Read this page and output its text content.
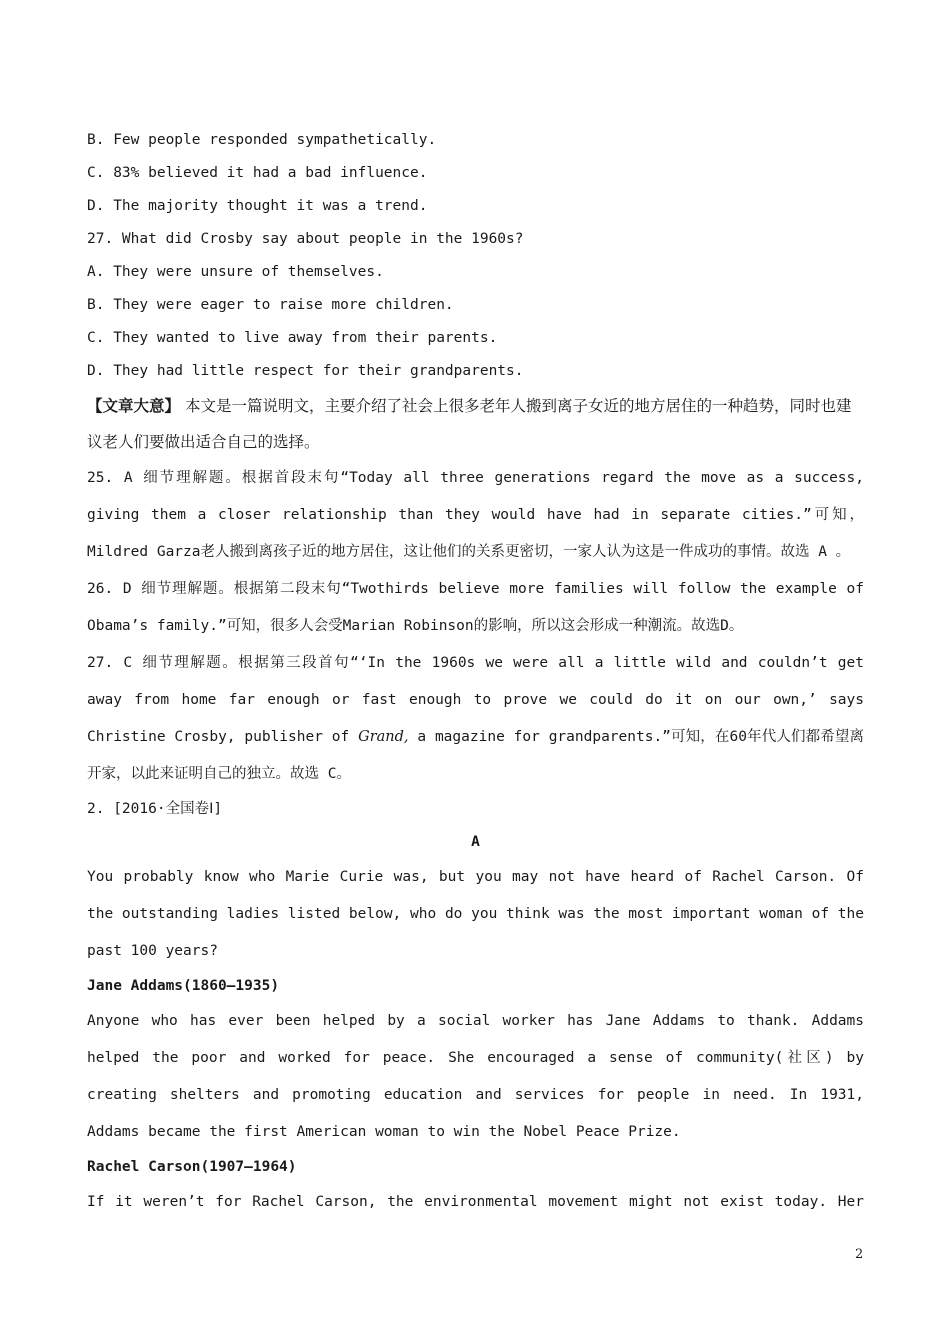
B. Few people responded sympathetically.

C. 83% believed it had a bad influence.

D. The majority thought it was a trend.

27. What did Crosby say about people in the 1960s?

A. They were unsure of themselves.

B. They were eager to raise more children.

C. They wanted to live away from their parents.

D. They had little respect for their grandparents.

【文章大意】 本文是一篇说明文，主要介绍了社会上很多老年人搬到离子女近的地方居住的一种趋势，同时也建议老人们要做出适合自己的选择。

25. A 细节理解题。根据首段末句“Today all three generations regard the move as a success, giving them a closer relationship than they would have had in separate cities.”可知，Mildred Garza老人搬到离孩子近的地方居住，这让他们的关系更密切，一家人认为这是一件成功的事情。故选 A 。

26. D 细节理解题。根据第二段末句“Twothirds believe more families will follow the example of Obama’s family.”可知，很多人会受Marian Robinson的影响，所以这会形成一种潮流。故选D。

27. C 细节理解题。根据第三段首句“‘In the 1960s we were all a little wild and couldn’t get away from home far enough or fast enough to prove we could do it on our own,’ says Christine Crosby, publisher of Grand, a magazine for grandparents.”可知，在60年代人们都希望离开家，以此来证明自己的独立。故选 C。

2. [2016·全国卷Ⅰ]

A

You probably know who Marie Curie was, but you may not have heard of Rachel Carson. Of the outstanding ladies listed below, who do you think was the most important woman of the past 100 years?

Jane Addams(1860—1935)

Anyone who has ever been helped by a social worker has Jane Addams to thank. Addams helped the poor and worked for peace. She encouraged a sense of community(社区) by creating shelters and promoting education and services for people in need. In 1931, Addams became the first American woman to win the Nobel Peace Prize.

Rachel Carson(1907—1964)

If it weren’t for Rachel Carson, the environmental movement might not exist today. Her

2
